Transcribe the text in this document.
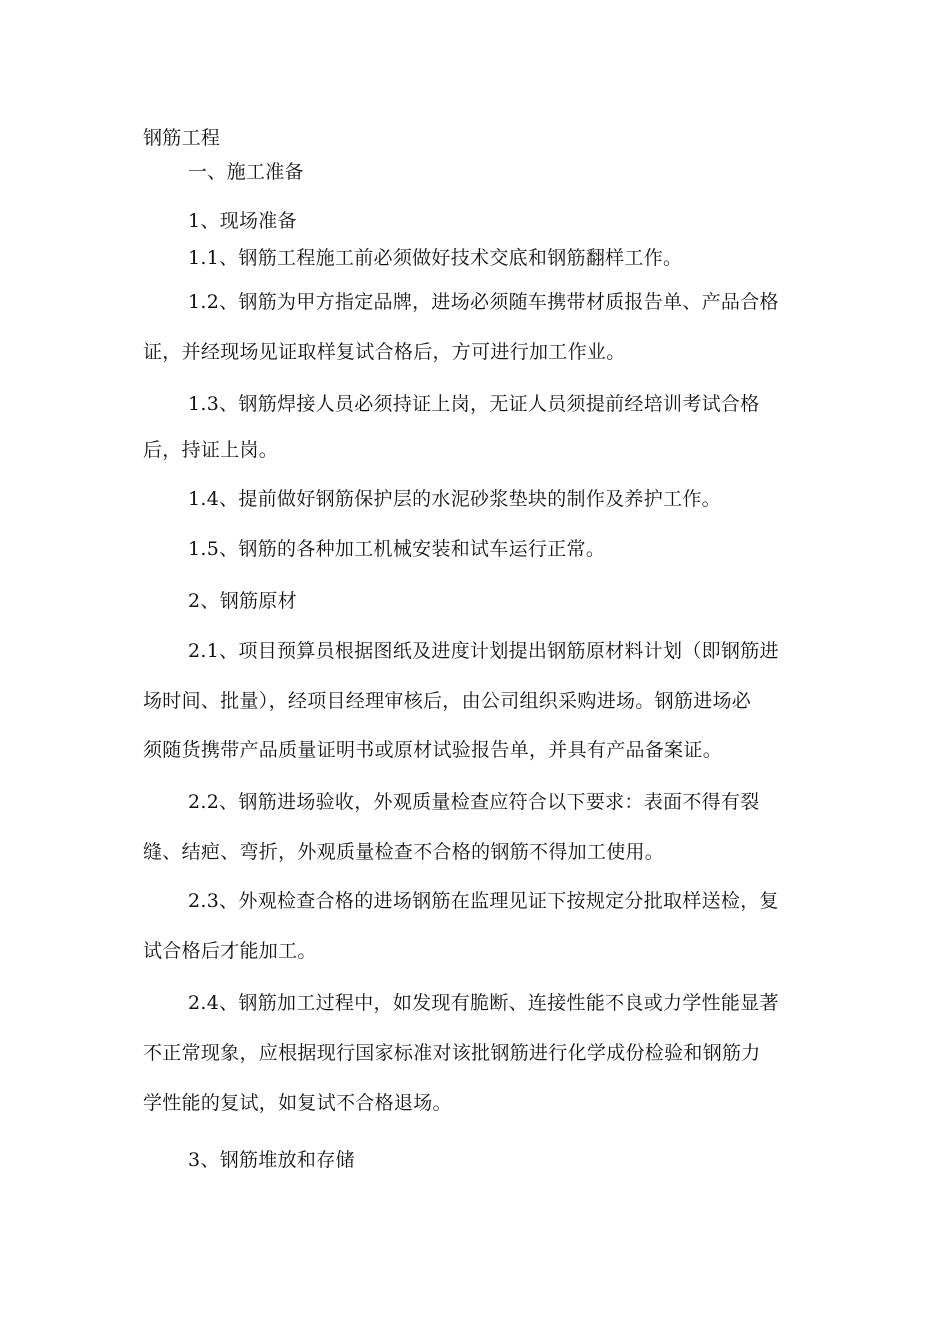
钢筋工程
一、施工准备
1、现场准备
1.1、钢筋工程施工前必须做好技术交底和钢筋翻样工作。
1.2、钢筋为甲方指定品牌，进场必须随车携带材质报告单、产品合格
证，并经现场见证取样复试合格后，方可进行加工作业。
1.3、钢筋焊接人员必须持证上岗，无证人员须提前经培训考试合格
后，持证上岗。
1.4、提前做好钢筋保护层的水泥砂浆垫块的制作及养护工作。
1.5、钢筋的各种加工机械安装和试车运行正常。
2、钢筋原材
2.1、项目预算员根据图纸及进度计划提出钢筋原材料计划（即钢筋进
场时间、批量），经项目经理审核后，由公司组织采购进场。钢筋进场必
须随货携带产品质量证明书或原材试验报告单，并具有产品备案证。
2.2、钢筋进场验收，外观质量检查应符合以下要求：表面不得有裂
缝、结疤、弯折，外观质量检查不合格的钢筋不得加工使用。
2.3、外观检查合格的进场钢筋在监理见证下按规定分批取样送检，复
试合格后才能加工。
2.4、钢筋加工过程中，如发现有脆断、连接性能不良或力学性能显著
不正常现象，应根据现行国家标准对该批钢筋进行化学成份检验和钢筋力
学性能的复试，如复试不合格退场。
3、钢筋堆放和存储
